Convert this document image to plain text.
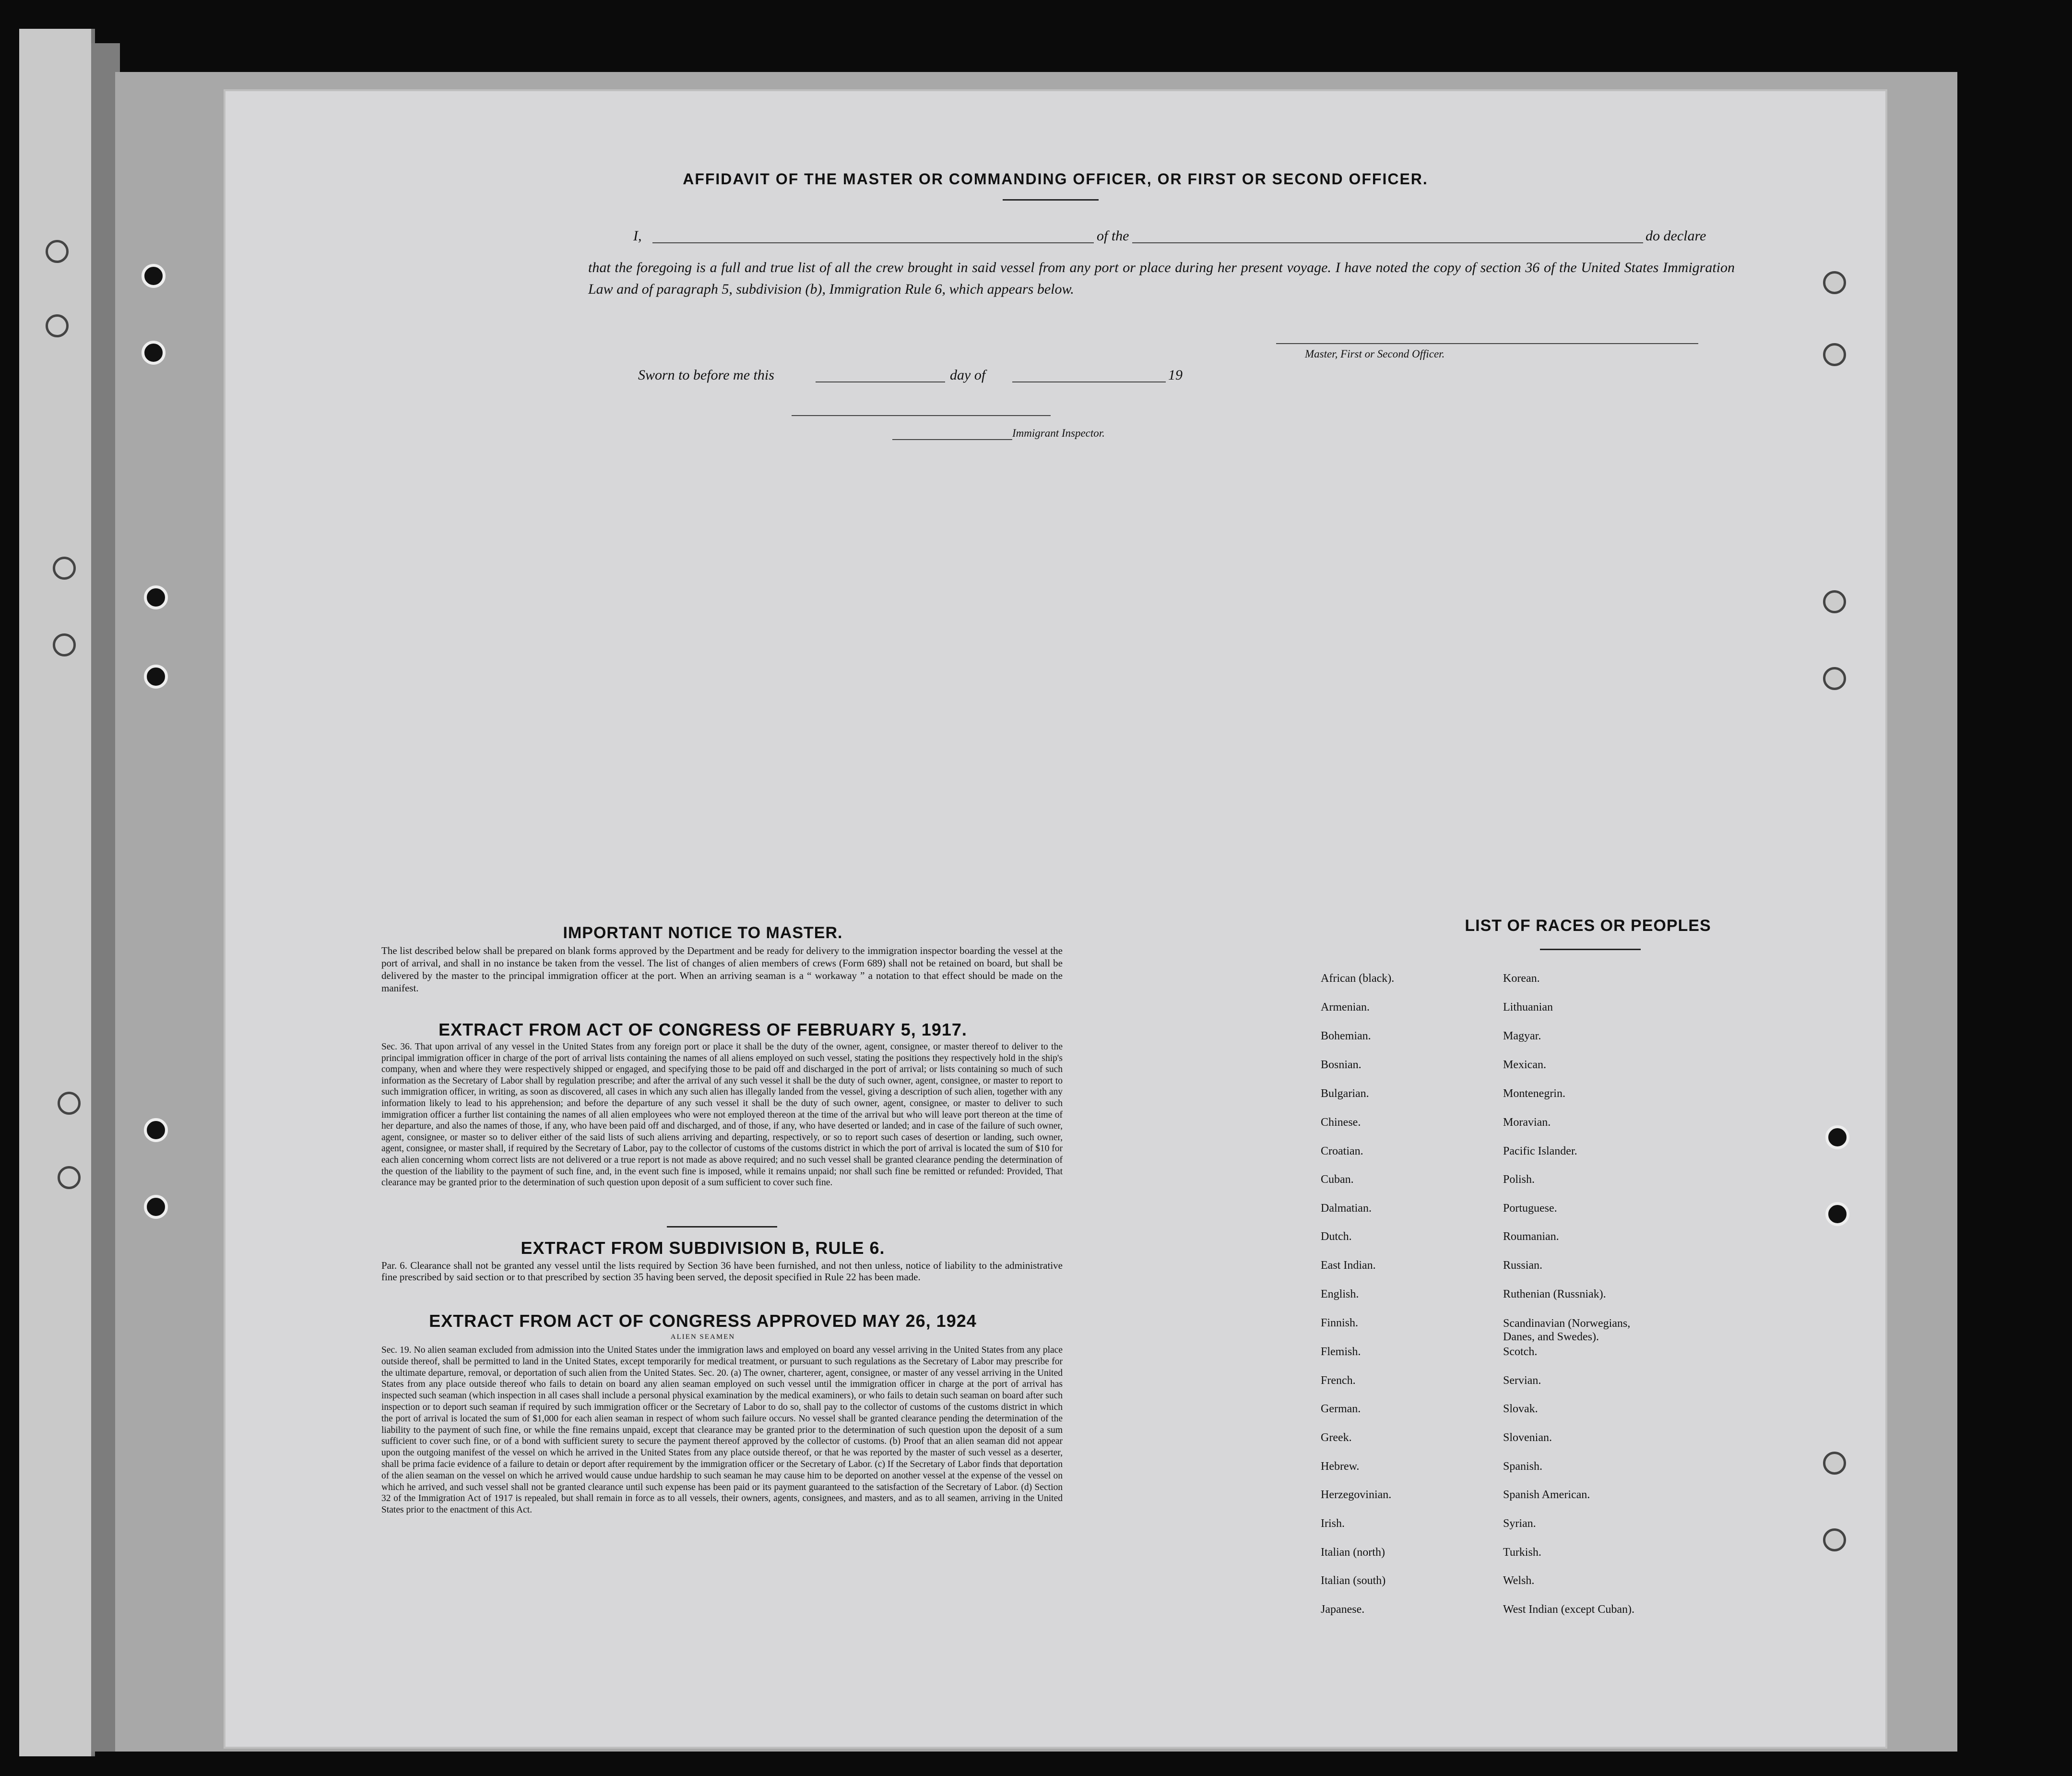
AFFIDAVIT OF THE MASTER OR COMMANDING OFFICER, OR FIRST OR SECOND OFFICER.
I,	of the	do declare
that the foregoing is a full and true list of all the crew brought in said vessel from any port or place during her present voyage. I have noted the copy of section 36 of the United States Immigration Law and of paragraph 5, subdivision (b), Immigration Rule 6, which appears below.
Master, First or Second Officer.
Sworn to before me this	day of	19
Immigrant Inspector.
IMPORTANT NOTICE TO MASTER.
The list described below shall be prepared on blank forms approved by the Department and be ready for delivery to the immigration inspector boarding the vessel at the port of arrival, and shall in no instance be taken from the vessel. The list of changes of alien members of crews (Form 689) shall not be retained on board, but shall be delivered by the master to the principal immigration officer at the port. When an arriving seaman is a “ workaway ” a notation to that effect should be made on the manifest.
EXTRACT FROM ACT OF CONGRESS OF FEBRUARY 5, 1917.
Sec. 36. That upon arrival of any vessel in the United States from any foreign port or place it shall be the duty of the owner, agent, consignee, or master thereof to deliver to the principal immigration officer in charge of the port of arrival lists containing the names of all aliens employed on such vessel, stating the positions they respectively hold in the ship's company, when and where they were respectively shipped or engaged, and specifying those to be paid off and discharged in the port of arrival; or lists containing so much of such information as the Secretary of Labor shall by regulation prescribe; and after the arrival of any such vessel it shall be the duty of such owner, agent, consignee, or master to report to such immigration officer, in writing, as soon as discovered, all cases in which any such alien has illegally landed from the vessel, giving a description of such alien, together with any information likely to lead to his apprehension; and before the departure of any such vessel it shall be the duty of such owner, agent, consignee, or master to deliver to such immigration officer a further list containing the names of all alien employees who were not employed thereon at the time of the arrival but who will leave port thereon at the time of her departure, and also the names of those, if any, who have been paid off and discharged, and of those, if any, who have deserted or landed; and in case of the failure of such owner, agent, consignee, or master so to deliver either of the said lists of such aliens arriving and departing, respectively, or so to report such cases of desertion or landing, such owner, agent, consignee, or master shall, if required by the Secretary of Labor, pay to the collector of customs of the customs district in which the port of arrival is located the sum of $10 for each alien concerning whom correct lists are not delivered or a true report is not made as above required; and no such vessel shall be granted clearance pending the determination of the question of the liability to the payment of such fine, and, in the event such fine is imposed, while it remains unpaid; nor shall such fine be remitted or refunded: Provided, That clearance may be granted prior to the determination of such question upon deposit of a sum sufficient to cover such fine.
EXTRACT FROM SUBDIVISION B, RULE 6.
Par. 6. Clearance shall not be granted any vessel until the lists required by Section 36 have been furnished, and not then unless, notice of liability to the administrative fine prescribed by said section or to that prescribed by section 35 having been served, the deposit specified in Rule 22 has been made.
EXTRACT FROM ACT OF CONGRESS APPROVED MAY 26, 1924
ALIEN SEAMEN
Sec. 19. No alien seaman excluded from admission into the United States under the immigration laws and employed on board any vessel arriving in the United States from any place outside thereof, shall be permitted to land in the United States, except temporarily for medical treatment, or pursuant to such regulations as the Secretary of Labor may prescribe for the ultimate departure, removal, or deportation of such alien from the United States. Sec. 20. (a) The owner, charterer, agent, consignee, or master of any vessel arriving in the United States from any place outside thereof who fails to detain on board any alien seaman employed on such vessel until the immigration officer in charge at the port of arrival has inspected such seaman (which inspection in all cases shall include a personal physical examination by the medical examiners), or who fails to detain such seaman on board after such inspection or to deport such seaman if required by such immigration officer or the Secretary of Labor to do so, shall pay to the collector of customs of the customs district in which the port of arrival is located the sum of $1,000 for each alien seaman in respect of whom such failure occurs. No vessel shall be granted clearance pending the determination of the liability to the payment of such fine, or while the fine remains unpaid, except that clearance may be granted prior to the determination of such question upon the deposit of a sum sufficient to cover such fine, or of a bond with sufficient surety to secure the payment thereof approved by the collector of customs. (b) Proof that an alien seaman did not appear upon the outgoing manifest of the vessel on which he arrived in the United States from any place outside thereof, or that he was reported by the master of such vessel as a deserter, shall be prima facie evidence of a failure to detain or deport after requirement by the immigration officer or the Secretary of Labor. (c) If the Secretary of Labor finds that deportation of the alien seaman on the vessel on which he arrived would cause undue hardship to such seaman he may cause him to be deported on another vessel at the expense of the vessel on which he arrived, and such vessel shall not be granted clearance until such expense has been paid or its payment guaranteed to the satisfaction of the Secretary of Labor. (d) Section 32 of the Immigration Act of 1917 is repealed, but shall remain in force as to all vessels, their owners, agents, consignees, and masters, and as to all seamen, arriving in the United States prior to the enactment of this Act.
LIST OF RACES OR PEOPLES
African (black).
Armenian.
Bohemian.
Bosnian.
Bulgarian.
Chinese.
Croatian.
Cuban.
Dalmatian.
Dutch.
East Indian.
English.
Finnish.
Flemish.
French.
German.
Greek.
Hebrew.
Herzegovinian.
Irish.
Italian (north)
Italian (south)
Japanese.
Korean.
Lithuanian
Magyar.
Mexican.
Montenegrin.
Moravian.
Pacific Islander.
Polish.
Portuguese.
Roumanian.
Russian.
Ruthenian (Russniak).
Scandinavian (Norwegians, Danes, and Swedes).
Scotch.
Servian.
Slovak.
Slovenian.
Spanish.
Spanish American.
Syrian.
Turkish.
Welsh.
West Indian (except Cuban).
